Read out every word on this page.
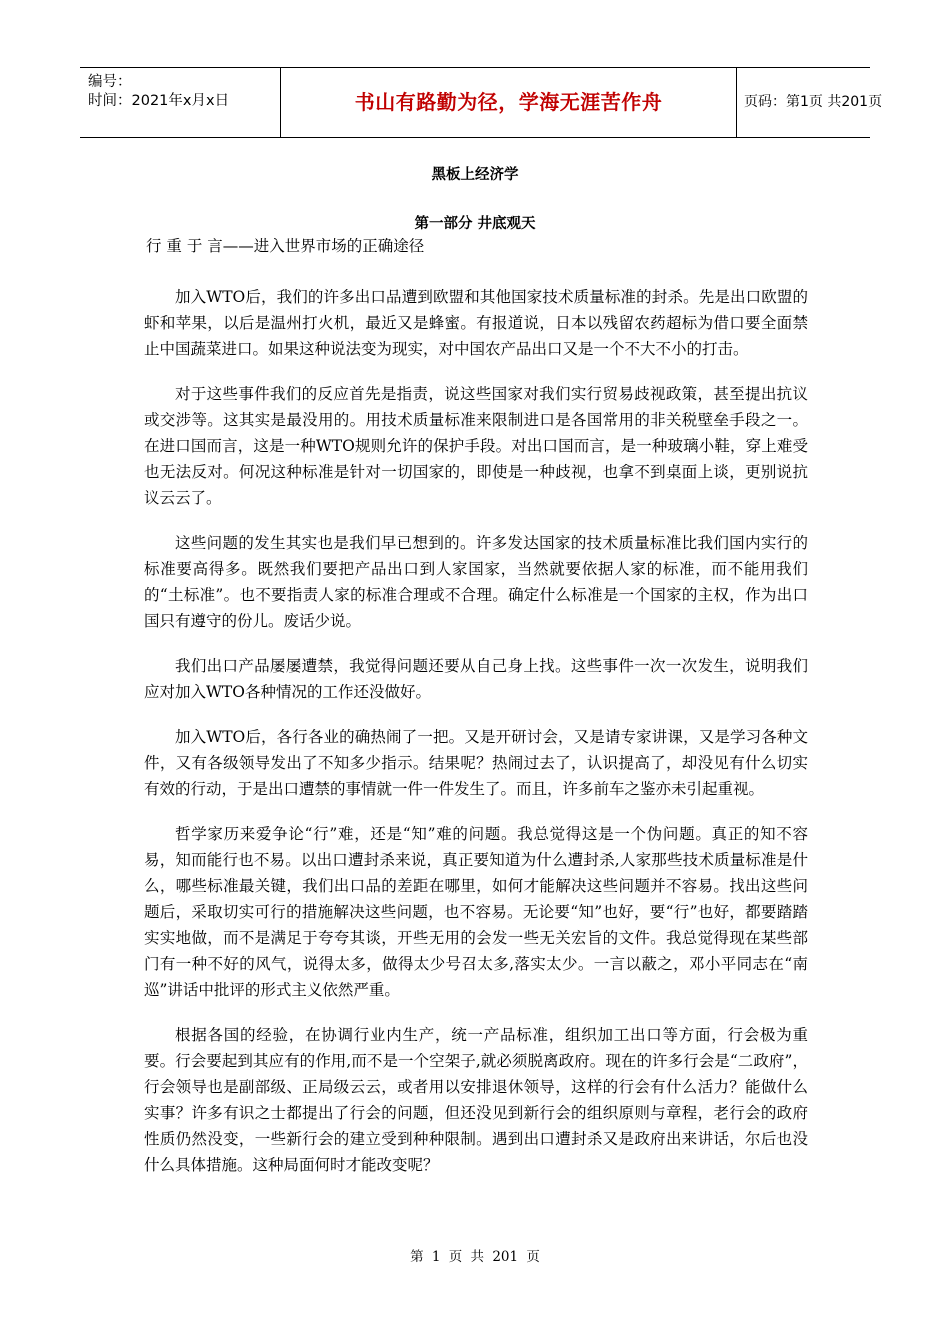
编号：
时间：2021年x月x日	书山有路勤为径，学海无涯苦作舟	页码：第1页 共201页
黑板上经济学
第一部分 井底观天
行 重 于 言——进入世界市场的正确途径

加入WTO后，我们的许多出口品遭到欧盟和其他国家技术质量标准的封杀。先是出口欧盟的虾和苹果，以后是温州打火机，最近又是蜂蜜。有报道说，日本以残留农药超标为借口要全面禁止中国蔬菜进口。如果这种说法变为现实，对中国农产品出口又是一个不大不小的打击。

对于这些事件我们的反应首先是指责，说这些国家对我们实行贸易歧视政策，甚至提出抗议或交涉等。这其实是最没用的。用技术质量标准来限制进口是各国常用的非关税壁垒手段之一。在进口国而言，这是一种WTO规则允许的保护手段。对出口国而言，是一种玻璃小鞋，穿上难受也无法反对。何况这种标准是针对一切国家的，即使是一种歧视，也拿不到桌面上谈，更别说抗议云云了。

这些问题的发生其实也是我们早已想到的。许多发达国家的技术质量标准比我们国内实行的标准要高得多。既然我们要把产品出口到人家国家，当然就要依据人家的标准，而不能用我们的“土标准”。也不要指责人家的标准合理或不合理。确定什么标准是一个国家的主权，作为出口国只有遵守的份儿。废话少说。

我们出口产品屡屡遭禁，我觉得问题还要从自己身上找。这些事件一次一次发生，说明我们应对加入WTO各种情况的工作还没做好。

加入WTO后，各行各业的确热闹了一把。又是开研讨会，又是请专家讲课，又是学习各种文件，又有各级领导发出了不知多少指示。结果呢？热闹过去了，认识提高了，却没见有什么切实有效的行动，于是出口遭禁的事情就一件一件发生了。而且，许多前车之鉴亦未引起重视。

哲学家历来爱争论“行”难，还是“知”难的问题。我总觉得这是一个伪问题。真正的知不容易，知而能行也不易。以出口遭封杀来说，真正要知道为什么遭封杀,人家那些技术质量标准是什么，哪些标准最关键，我们出口品的差距在哪里，如何才能解决这些问题并不容易。找出这些问题后，采取切实可行的措施解决这些问题，也不容易。无论要“知”也好，要“行”也好，都要踏踏实实地做，而不是满足于夸夸其谈，开些无用的会发一些无关宏旨的文件。我总觉得现在某些部门有一种不好的风气，说得太多，做得太少号召太多,落实太少。一言以蔽之，邓小平同志在“南巡”讲话中批评的形式主义依然严重。

根据各国的经验，在协调行业内生产，统一产品标准，组织加工出口等方面，行会极为重要。行会要起到其应有的作用,而不是一个空架子,就必须脱离政府。现在的许多行会是“二政府”，行会领导也是副部级、正局级云云，或者用以安排退休领导，这样的行会有什么活力？能做什么实事？许多有识之士都提出了行会的问题，但还没见到新行会的组织原则与章程，老行会的政府性质仍然没变，一些新行会的建立受到种种限制。遇到出口遭封杀又是政府出来讲话，尔后也没什么具体措施。这种局面何时才能改变呢？

第 1 页 共 201 页
